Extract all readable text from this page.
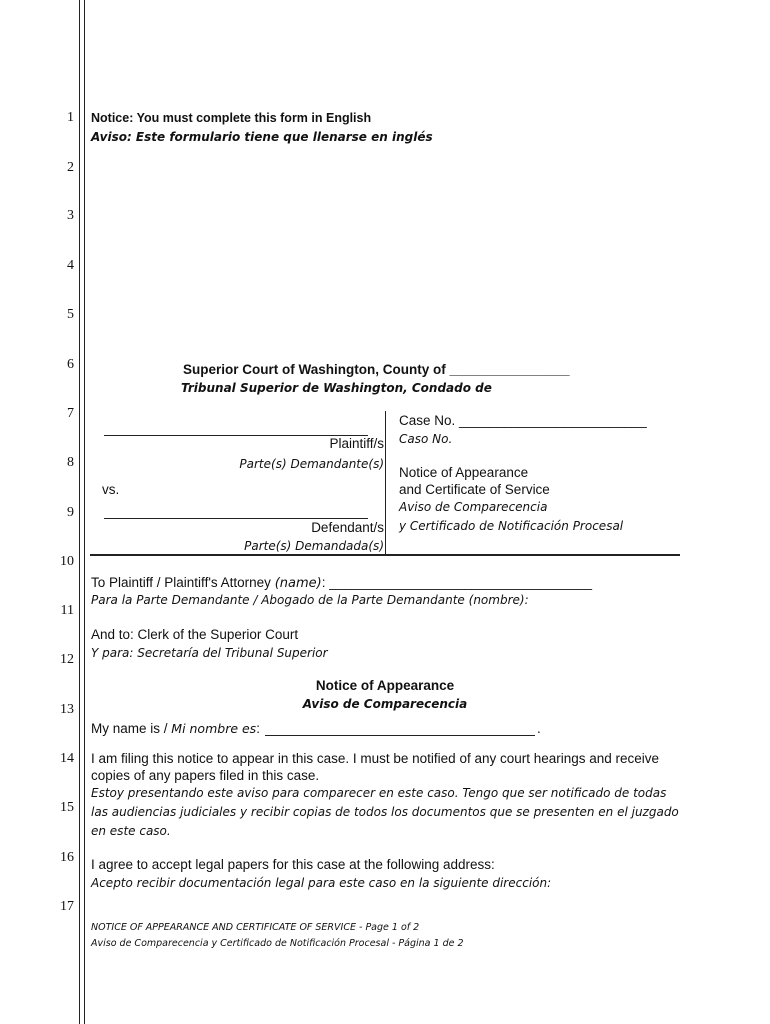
1
2
3
4
5
6
7
8
9
10
11
12
13
14
15
16
17
Notice: You must complete this form in English
Aviso: Este formulario tiene que llenarse en inglés
Superior Court of Washington, County of ________________
Tribunal Superior de Washington, Condado de
Plaintiff/s
Parte(s) Demandante(s)
vs.
Defendant/s
Parte(s) Demandada(s)
Case No. _________________________
Caso No.
Notice of Appearance
and Certificate of Service
Aviso de Comparecencia
y Certificado de Notificación Procesal
To Plaintiff / Plaintiff's Attorney (name): ___________________________________
Para la Parte Demandante / Abogado de la Parte Demandante (nombre):
And to: Clerk of the Superior Court
Y para: Secretaría del Tribunal Superior
Notice of Appearance
Aviso de Comparecencia
My name is / Mi nombre es:	.
I am filing this notice to appear in this case. I must be notified of any court hearings and receive
copies of any papers filed in this case.
Estoy presentando este aviso para comparecer en este caso. Tengo que ser notificado de todas
las audiencias judiciales y recibir copias de todos los documentos que se presenten en el juzgado
en este caso.
I agree to accept legal papers for this case at the following address:
Acepto recibir documentación legal para este caso en la siguiente dirección:
NOTICE OF APPEARANCE AND CERTIFICATE OF SERVICE - Page 1 of 2
Aviso de Comparecencia y Certificado de Notificación Procesal - Página 1 de 2
